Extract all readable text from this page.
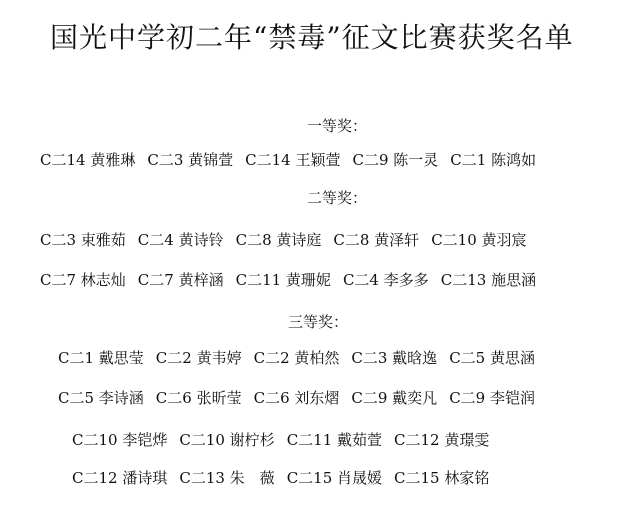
国光中学初二年“禁毒”征文比赛获奖名单
一等奖：
C二14 黄雅琳 C二3 黄锦萱 C二14 王颖萱 C二9 陈一灵 C二1 陈鸿如
二等奖：
C二3 束雅茹 C二4 黄诗铃 C二8 黄诗庭 C二8 黄泽轩 C二10 黄羽宸
C二7 林志灿 C二7 黄梓涵 C二11 黄珊妮 C二4 李多多 C二13 施思涵
三等奖：
C二1 戴思莹 C二2 黄韦婷 C二2 黄柏然 C二3 戴晗逸 C二5 黄思涵
C二5 李诗涵 C二6 张昕莹 C二6 刘东熠 C二9 戴奕凡 C二9 李铠润
C二10 李铠烨 C二10 谢柠杉 C二11 戴茹萱 C二12 黄璟雯
C二12 潘诗琪 C二13 朱　薇 C二15 肖晟媛 C二15 林家铭
